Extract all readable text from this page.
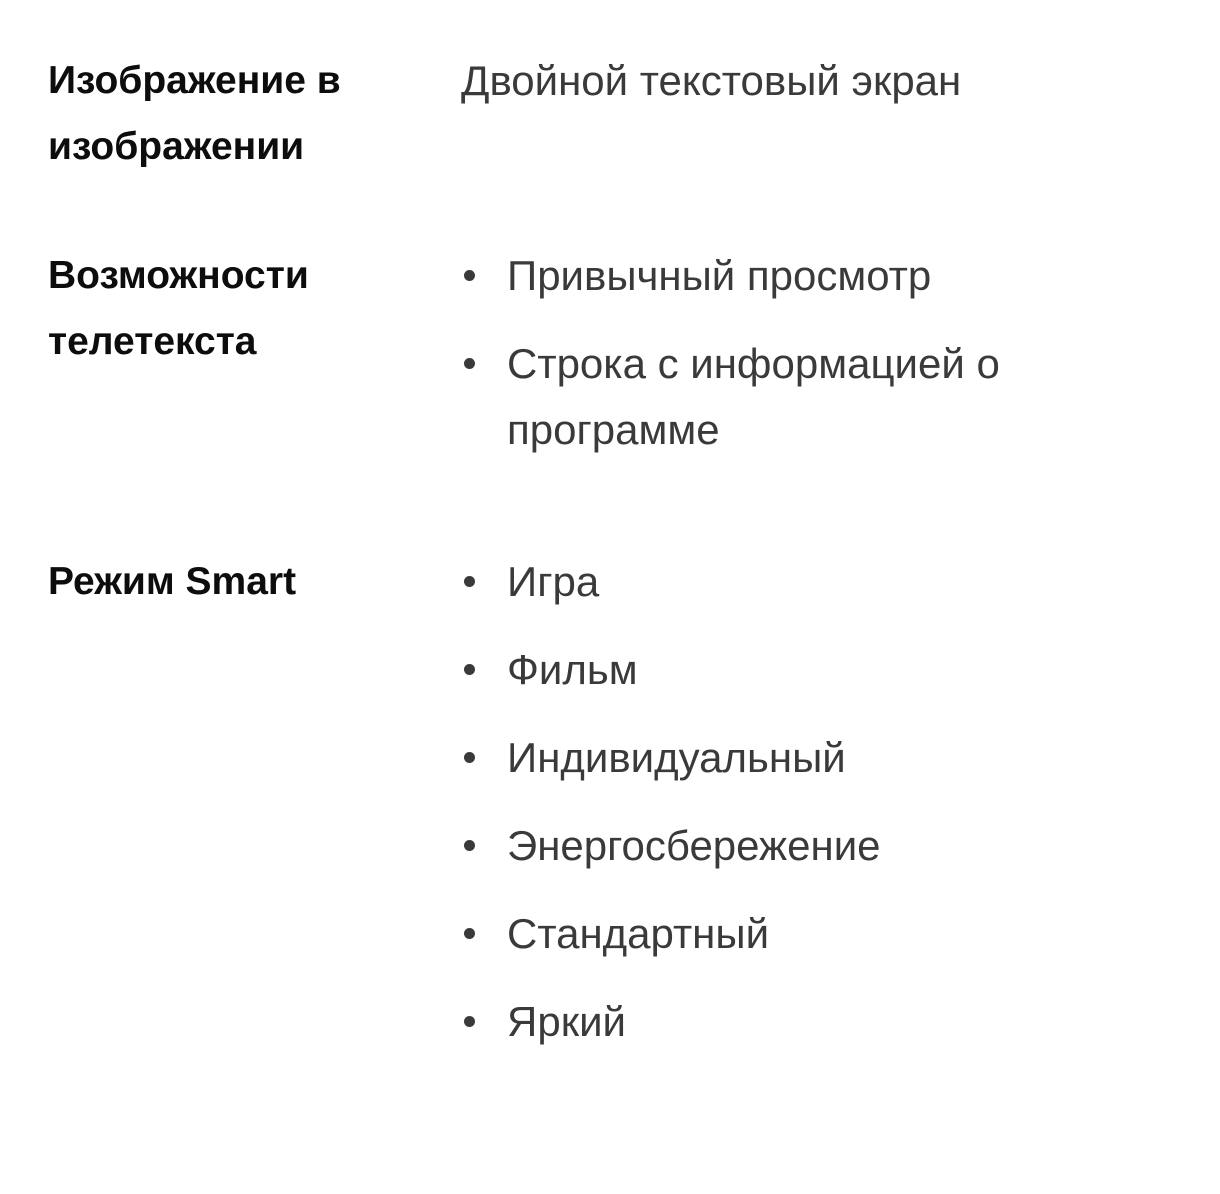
Изображение в
изображении
Двойной текстовый экран
Возможности
телетекста
Привычный просмотр
Строка с информацией о программе
Режим Smart	Игра
Фильм
Индивидуальный
Энергосбережение
Стандартный
Яркий
